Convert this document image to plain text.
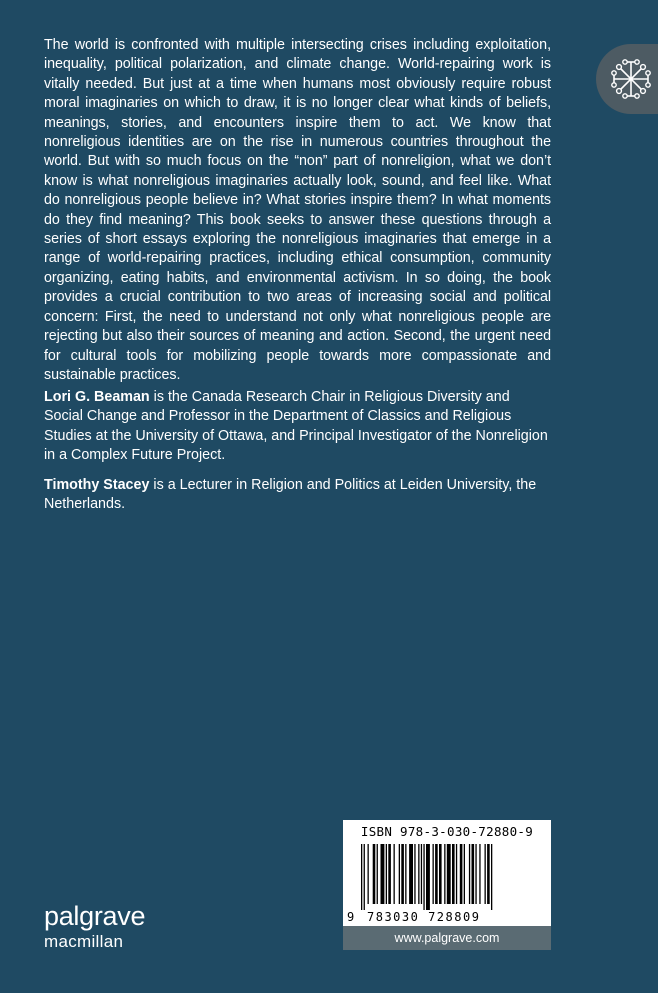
The world is confronted with multiple intersecting crises including exploitation, inequality, political polarization, and climate change. World-repairing work is vitally needed. But just at a time when humans most obviously require robust moral imaginaries on which to draw, it is no longer clear what kinds of beliefs, meanings, stories, and encounters inspire them to act. We know that nonreligious identities are on the rise in numerous countries throughout the world. But with so much focus on the “non” part of nonreligion, what we don’t know is what nonreligious imaginaries actually look, sound, and feel like. What do nonreligious people believe in? What stories inspire them? In what moments do they find meaning? This book seeks to answer these questions through a series of short essays exploring the nonreligious imaginaries that emerge in a range of world-repairing practices, including ethical consumption, community organizing, eating habits, and environmental activism. In so doing, the book provides a crucial contribution to two areas of increasing social and political concern: First, the need to understand not only what nonreligious people are rejecting but also their sources of meaning and action. Second, the urgent need for cultural tools for mobilizing people towards more compassionate and sustainable practices.

Lori G. Beaman is the Canada Research Chair in Religious Diversity and Social Change and Professor in the Department of Classics and Religious Studies at the University of Ottawa, and Principal Investigator of the Nonreligion in a Complex Future Project.

Timothy Stacey is a Lecturer in Religion and Politics at Leiden University, the Netherlands.

ISBN 978-3-030-72880-9
9 783030 728809
www.palgrave.com
palgrave
macmillan
